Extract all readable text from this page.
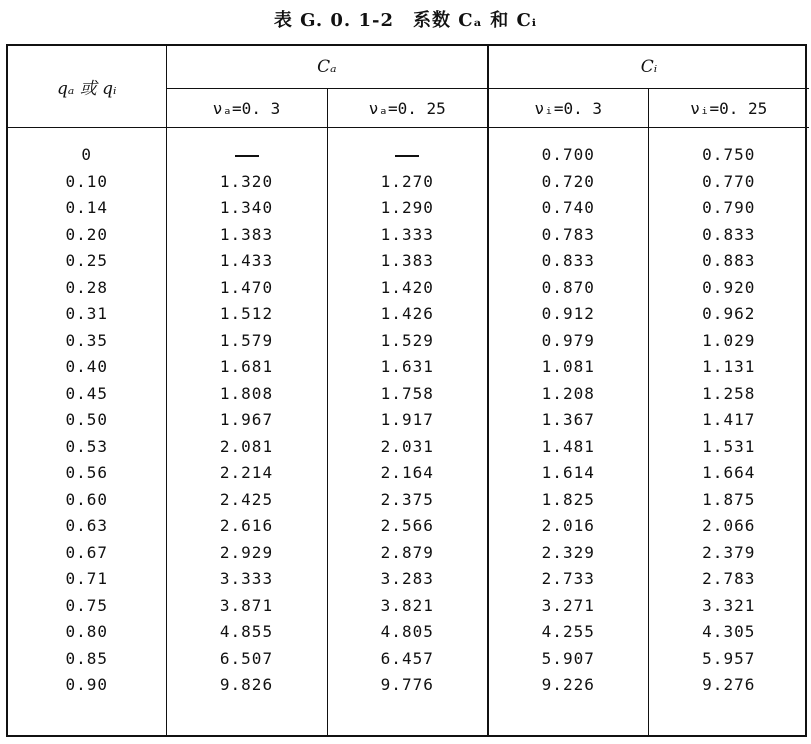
表 G. 0. 1-2　系数 Cₐ 和 Cᵢ
qₐ 或 qᵢ	Cₐ		Cᵢ	
	νₐ=0. 3	νₐ=0. 25	νᵢ=0. 3	νᵢ=0. 25

0			0.700	0.750
0.10	1.320	1.270	0.720	0.770
0.14	1.340	1.290	0.740	0.790
0.20	1.383	1.333	0.783	0.833
0.25	1.433	1.383	0.833	0.883
0.28	1.470	1.420	0.870	0.920
0.31	1.512	1.426	0.912	0.962
0.35	1.579	1.529	0.979	1.029
0.40	1.681	1.631	1.081	1.131
0.45	1.808	1.758	1.208	1.258
0.50	1.967	1.917	1.367	1.417
0.53	2.081	2.031	1.481	1.531
0.56	2.214	2.164	1.614	1.664
0.60	2.425	2.375	1.825	1.875
0.63	2.616	2.566	2.016	2.066
0.67	2.929	2.879	2.329	2.379
0.71	3.333	3.283	2.733	2.783
0.75	3.871	3.821	3.271	3.321
0.80	4.855	4.805	4.255	4.305
0.85	6.507	6.457	5.907	5.957
0.90	9.826	9.776	9.226	9.276
